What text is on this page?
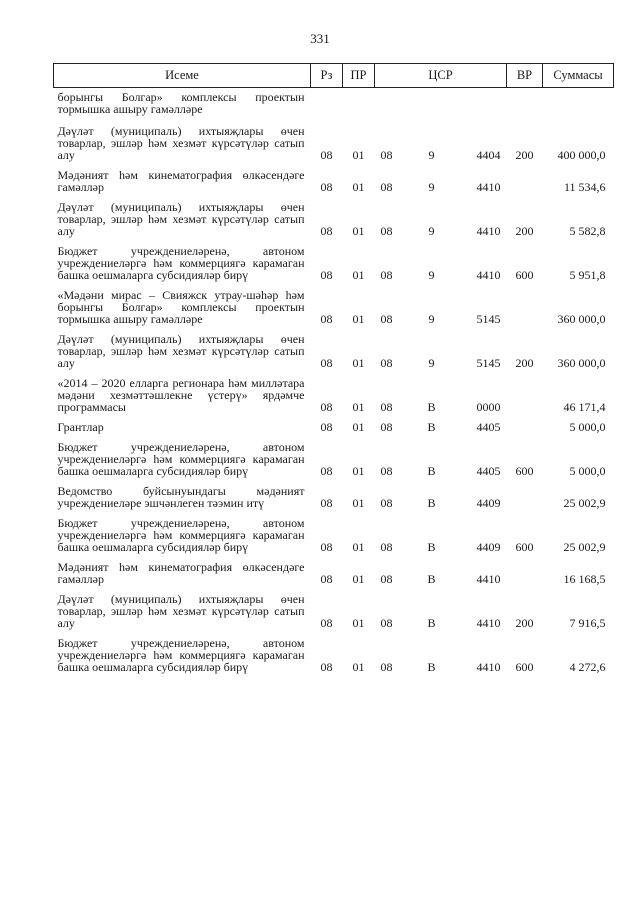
331
Исеме	Рз	ПР	ЦСР	ВР	Суммасы
борынгы Болгар» комплексы проектын тормышка ашыру гамәлләре					
Дәүләт (муниципаль) ихтыяҗлары өчен товарлар, эшләр һәм хезмәт күрсәтүләр сатып алу	08	01	08 9 4404	200	400 000,0
Мәдәният һәм кинематография өлкәсендәге гамәлләр	08	01	08 9 4410		11 534,6
Дәүләт (муниципаль) ихтыяҗлары өчен товарлар, эшләр һәм хезмәт күрсәтүләр сатып алу	08	01	08 9 4410	200	5 582,8
Бюджет учреждениеләренә, автоном учреждениеләргә һәм коммерциягә карамаган башка оешмаларга субсидияләр бирү	08	01	08 9 4410	600	5 951,8
«Мәдәни мирас – Свияжск утрау-шәһәр һәм борынгы Болгар» комплексы проектын тормышка ашыру гамәлләре	08	01	08 9 5145		360 000,0
Дәүләт (муниципаль) ихтыяҗлары өчен товарлар, эшләр һәм хезмәт күрсәтүләр сатып алу	08	01	08 9 5145	200	360 000,0
«2014 – 2020 елларга регионара һәм милләтара мәдәни хезмәттәшлекне үстерү» ярдәмче программасы	08	01	08 В 0000		46 171,4
Грантлар	08	01	08 В 4405		5 000,0
Бюджет учреждениеләренә, автоном учреждениеләргә һәм коммерциягә карамаган башка оешмаларга субсидияләр бирү	08	01	08 В 4405	600	5 000,0
Ведомство буйсынуындагы мәдәният учреждениеләре эшчәнлеген тәэмин итү	08	01	08 В 4409		25 002,9
Бюджет учреждениеләренә, автоном учреждениеләргә һәм коммерциягә карамаган башка оешмаларга субсидияләр бирү	08	01	08 В 4409	600	25 002,9
Мәдәният һәм кинематография өлкәсендәге гамәлләр	08	01	08 В 4410		16 168,5
Дәүләт (муниципаль) ихтыяҗлары өчен товарлар, эшләр һәм хезмәт күрсәтүләр сатып алу	08	01	08 В 4410	200	7 916,5
Бюджет учреждениеләренә, автоном учреждениеләргә һәм коммерциягә карамаган башка оешмаларга субсидияләр бирү	08	01	08 В 4410	600	4 272,6
